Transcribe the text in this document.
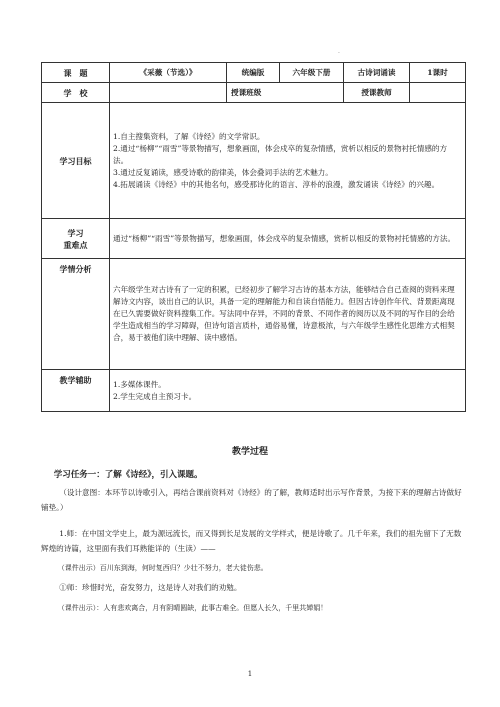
.
课　题	《采薇（节选）》	统编版	六年级下册	古诗词诵读	1课时
学　校		授课班级		授课教师	
学习目标	1.自主搜集资料，了解《诗经》的文学常识。

2.通过“杨柳”“雨雪”等景物描写，想象画面，体会戍卒的复杂情感，赏析以相反的景物衬托情感的方法。

3.通过反复诵读，感受诗歌的韵律美，体会叠词手法的艺术魅力。

4.拓展诵读《诗经》中的其他名句，感受那诗化的语言、淳朴的浪漫，激发诵读《诗经》的兴趣。				

学习
重难点	通过“杨柳”“雨雪”等景物描写，想象画面，体会戍卒的复杂情感，赏析以相反的景物衬托情感的方法。				
学情分析	六年级学生对古诗有了一定的积累，已经初步了解学习古诗的基本方法，能够结合自己查阅的资料来理解诗文内容，谈出自己的认识，具备一定的理解能力和自读自悟能力。但因古诗创作年代、背景距离现在已久需要做好资料搜集工作。写法同中存异，不同的背景、不同作者的阅历以及不同的写作目的会给学生造成相当的学习障碍，但诗句语言质朴，通俗易懂，诗意极浓，与六年级学生感性化思维方式相契合，易于被他们读中理解、读中感悟。				
教学辅助	1.多媒体课件。

2.学生完成自主预习卡。				

教学过程
学习任务一：了解《诗经》，引入课题。
（设计意图：本环节以诗歌引入，再结合课前资料对《诗经》的了解，教师适时出示写作背景，为接下来的理解古诗做好铺垫。）
1.师：在中国文学史上，最为源远流长，而又得到长足发展的文学样式，便是诗歌了。几千年来，我们的祖先留下了无数辉煌的诗篇，这里面有我们耳熟能详的（生读）——
（课件出示）百川东到海，何时复西归？少壮不努力，老大徒伤悲。
①师：珍惜时光，奋发努力，这是诗人对我们的劝勉。
（课件出示）：人有悲欢离合，月有阴晴圆缺，此事古难全。但愿人长久，千里共婵娟！
1
